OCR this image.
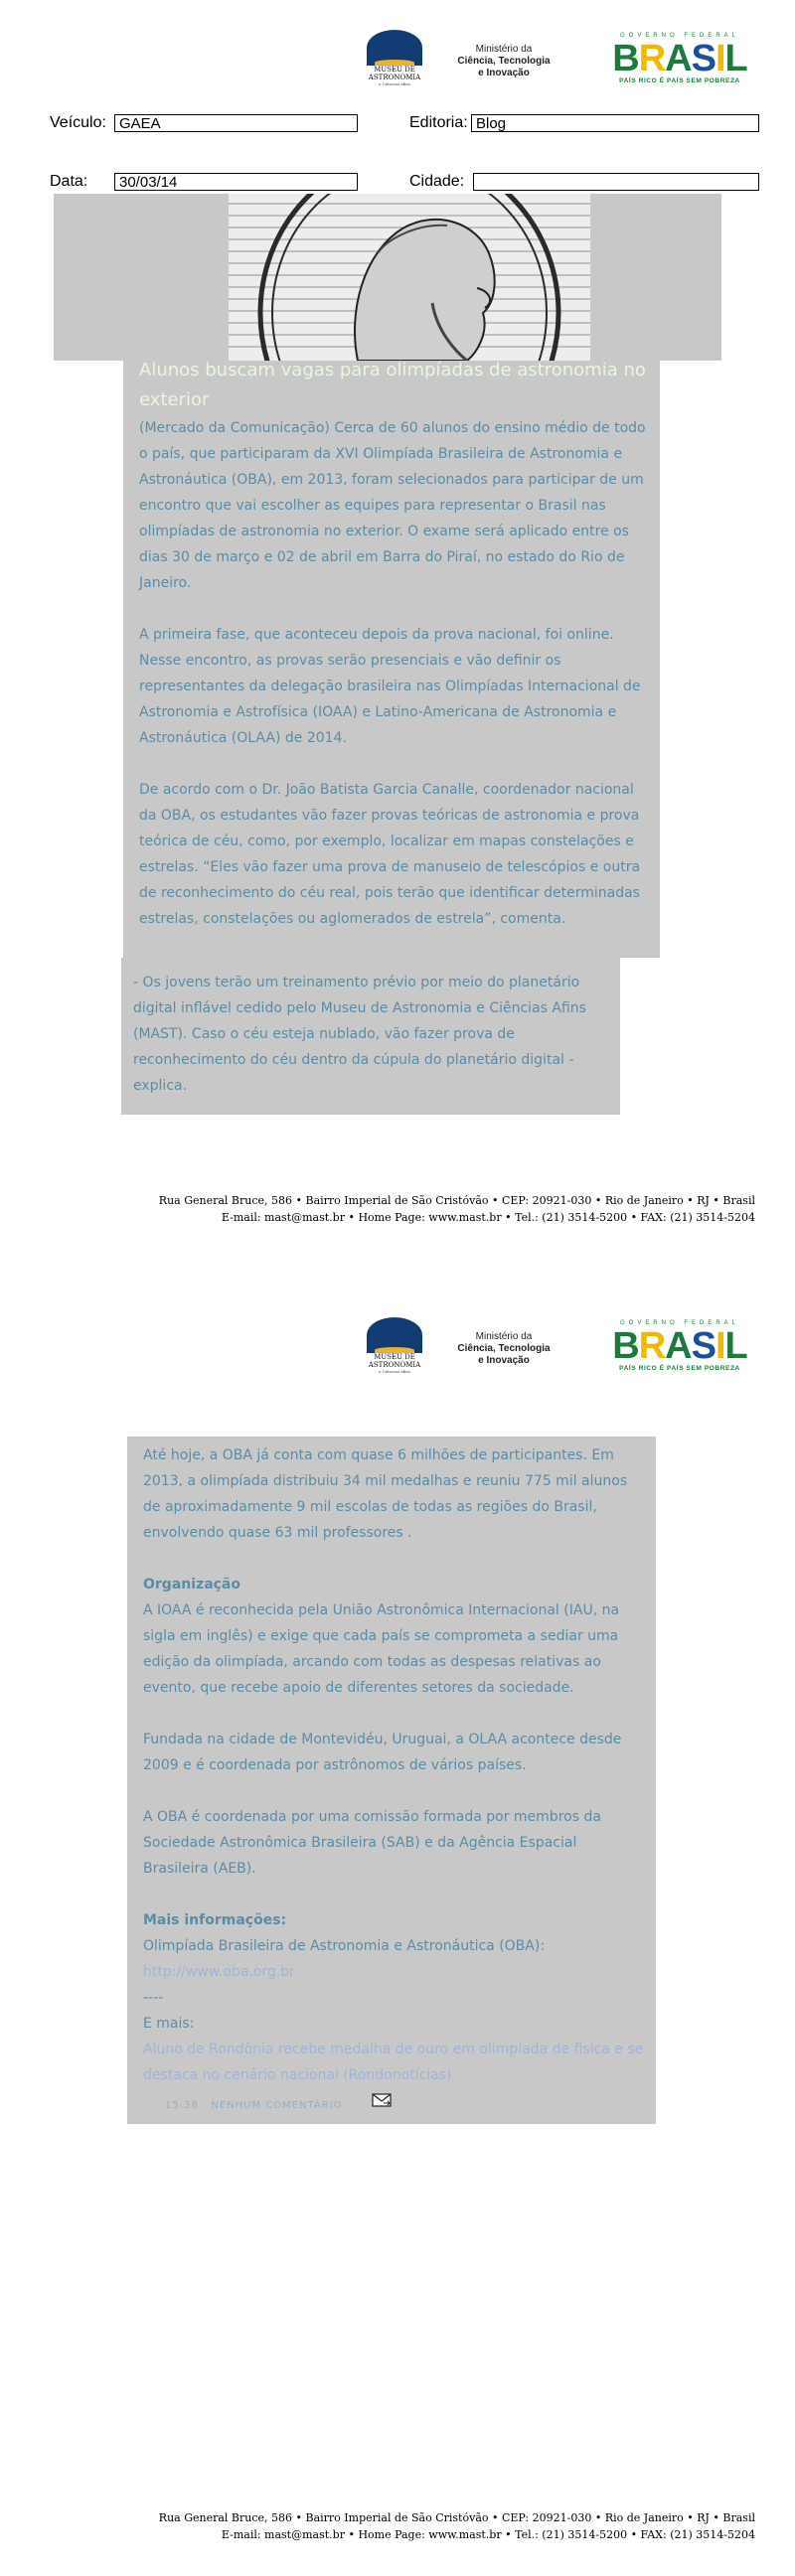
MUSEU DE
ASTRONOMIA
e Ciências afins
Ministério da
Ciência, Tecnologia
e Inovação
GOVERNO FEDERAL
BRASIL
PAÍS RICO É PAÍS SEM POBREZA
Veículo: GAEA	Editoria: Blog
Data:	30/03/14	Cidade:

Alunos buscam vagas para olimpíadas de astronomia no exterior

(Mercado da Comunicação) Cerca de 60 alunos do ensino médio de todo o país, que participaram da XVI Olimpíada Brasileira de Astronomia e Astronáutica (OBA), em 2013, foram selecionados para participar de um encontro que vai escolher as equipes para representar o Brasil nas olimpíadas de astronomia no exterior. O exame será aplicado entre os dias 30 de março e 02 de abril em Barra do Piraí, no estado do Rio de Janeiro.

A primeira fase, que aconteceu depois da prova nacional, foi online. Nesse encontro, as provas serão presenciais e vão definir os representantes da delegação brasileira nas Olimpíadas Internacional de Astronomia e Astrofísica (IOAA) e Latino-Americana de Astronomia e Astronáutica (OLAA) de 2014.

De acordo com o Dr. João Batista Garcia Canalle, coordenador nacional da OBA, os estudantes vão fazer provas teóricas de astronomia e prova teórica de céu, como, por exemplo, localizar em mapas constelações e estrelas. “Eles vão fazer uma prova de manuseio de telescópios e outra de reconhecimento do céu real, pois terão que identificar determinadas estrelas, constelações ou aglomerados de estrela”, comenta.

- Os jovens terão um treinamento prévio por meio do planetário digital inflável cedido pelo Museu de Astronomia e Ciências Afins (MAST). Caso o céu esteja nublado, vão fazer prova de reconhecimento do céu dentro da cúpula do planetário digital - explica.

Rua General Bruce, 586 • Bairro Imperial de São Cristóvão • CEP: 20921-030 • Rio de Janeiro • RJ • Brasil
E-mail: mast@mast.br • Home Page: www.mast.br • Tel.: (21) 3514-5200 • FAX: (21) 3514-5204
MUSEU DE
ASTRONOMIA
e Ciências afins
Ministério da
Ciência, Tecnologia
e Inovação
GOVERNO FEDERAL
BRASIL
PAÍS RICO É PAÍS SEM POBREZA

Até hoje, a OBA já conta com quase 6 milhões de participantes. Em 2013, a olimpíada distribuiu 34 mil medalhas e reuniu 775 mil alunos de aproximadamente 9 mil escolas de todas as regiões do Brasil, envolvendo quase 63 mil professores .

Organização

A IOAA é reconhecida pela União Astronômica Internacional (IAU, na sigla em inglês) e exige que cada país se comprometa a sediar uma edição da olimpíada, arcando com todas as despesas relativas ao evento, que recebe apoio de diferentes setores da sociedade.

Fundada na cidade de Montevidéu, Uruguai, a OLAA acontece desde 2009 e é coordenada por astrônomos de vários países.

A OBA é coordenada por uma comissão formada por membros da Sociedade Astronômica Brasileira (SAB) e da Agência Espacial Brasileira (AEB).

Mais informações:

Olimpíada Brasileira de Astronomia e Astronáutica (OBA):

http://www.oba.org.br

----

E mais:

Aluno de Rondônia recebe medalha de ouro em olimpíada de física e se destaca no cenário nacional (Rondonotícias)

15:38 NENHUM COMENTÁRIO:

Rua General Bruce, 586 • Bairro Imperial de São Cristóvão • CEP: 20921-030 • Rio de Janeiro • RJ • Brasil
E-mail: mast@mast.br • Home Page: www.mast.br • Tel.: (21) 3514-5200 • FAX: (21) 3514-5204
